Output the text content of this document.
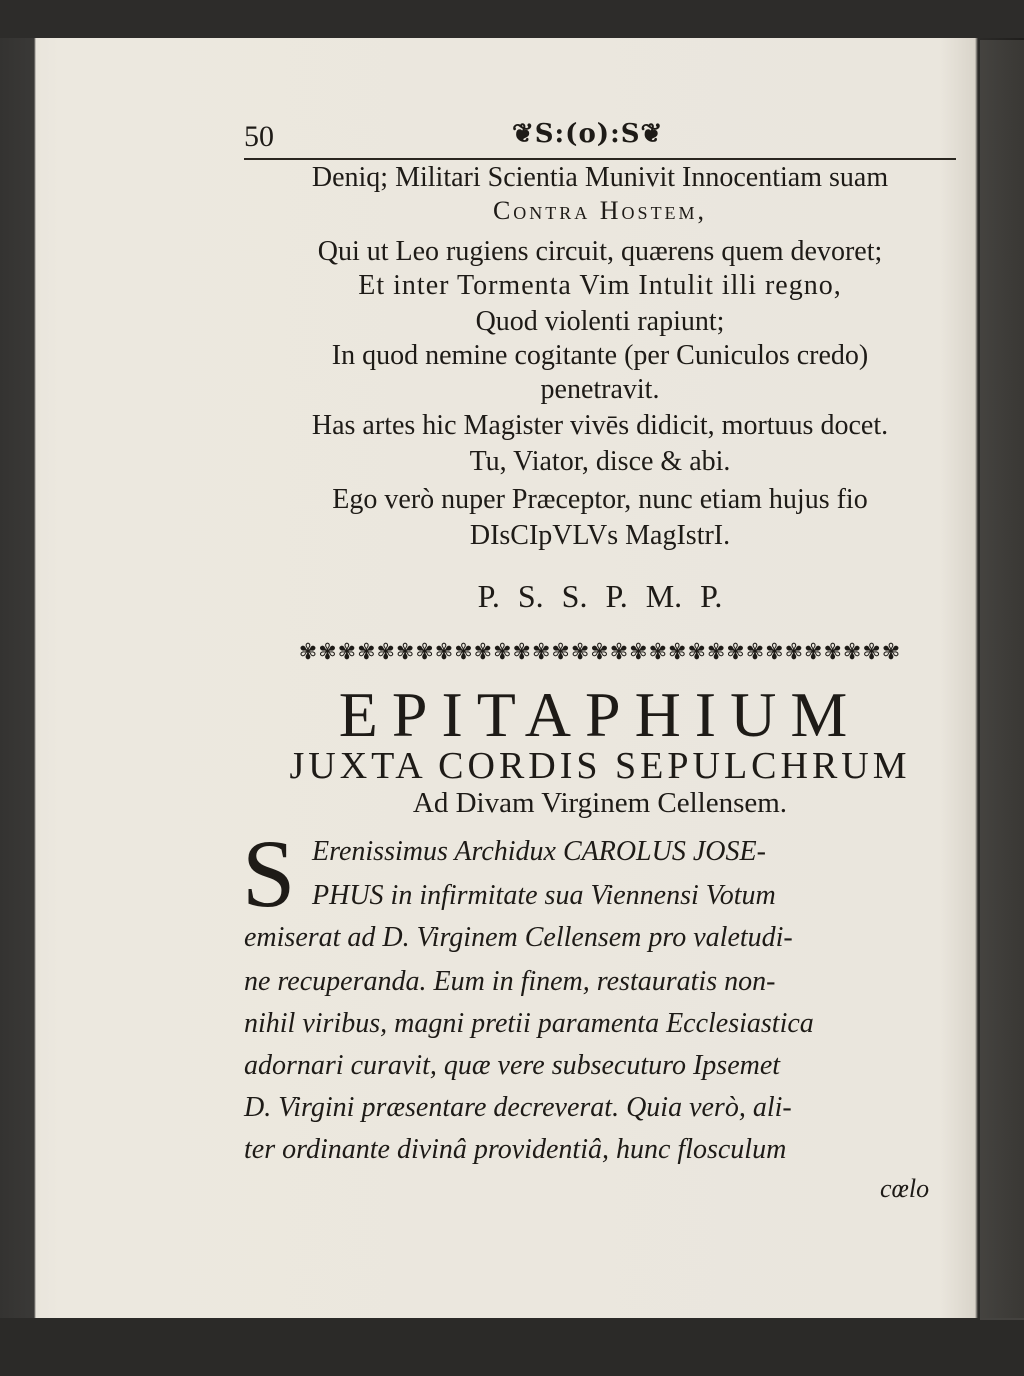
50	❦S:(o):S❦
Deniq; Militari Scientia Munivit Innocentiam suam
Contra Hostem,
Qui ut Leo rugiens circuit, quærens quem devoret;
Et inter Tormenta Vim Intulit illi regno,
Quod violenti rapiunt;
In quod nemine cogitante (per Cuniculos credo)
penetravit.
Has artes hic Magister vivēs didicit, mortuus docet.
Tu, Viator, disce & abi.
Ego verò nuper Præceptor, nunc etiam hujus fio
DIsCIpVLVs MagIstrI.
P. S. S. P. M. P.
✾✾✾✾✾✾✾✾✾✾✾✾✾✾✾✾✾✾✾✾✾✾✾✾✾✾✾✾✾✾✾
EPITAPHIUM
JUXTA CORDIS SEPULCHRUM
Ad Divam Virginem Cellensem.
S Erenissimus Archidux CAROLUS JOSE-
PHUS in infirmitate sua Viennensi Votum
emiserat ad D. Virginem Cellensem pro valetudi-
ne recuperanda. Eum in finem, restauratis non-
nihil viribus, magni pretii paramenta Ecclesiastica
adornari curavit, quæ vere subsecuturo Ipsemet
D. Virgini præsentare decreverat. Quia verò, ali-
ter ordinante divinâ providentiâ, hunc flosculum
cœlo
